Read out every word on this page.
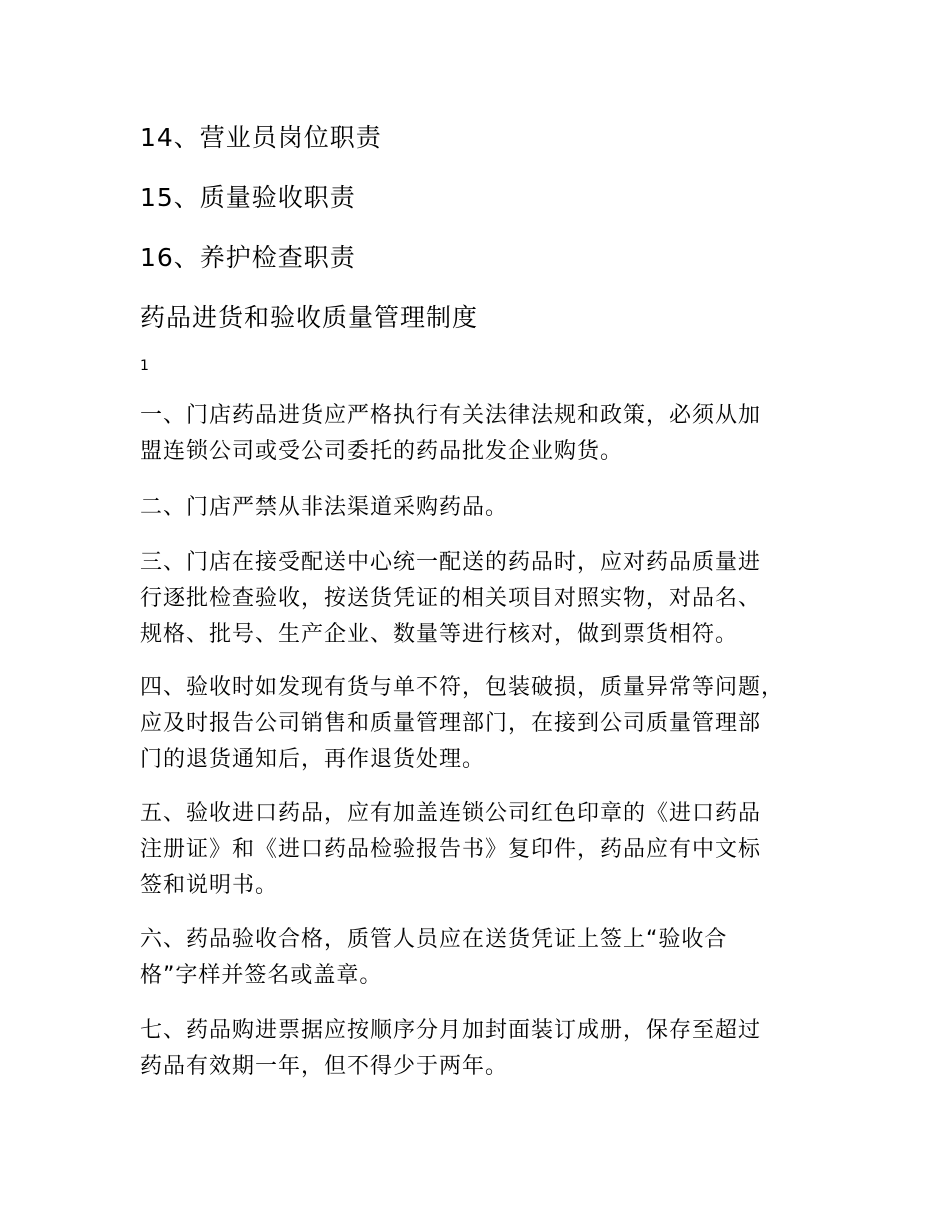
14、营业员岗位职责
15、质量验收职责
16、养护检查职责
药品进货和验收质量管理制度
1
一、门店药品进货应严格执行有关法律法规和政策，必须从加
盟连锁公司或受公司委托的药品批发企业购货。
二、门店严禁从非法渠道采购药品。
三、门店在接受配送中心统一配送的药品时，应对药品质量进
行逐批检查验收，按送货凭证的相关项目对照实物，对品名、
规格、批号、生产企业、数量等进行核对，做到票货相符。
四、验收时如发现有货与单不符，包装破损，质量异常等问题，
应及时报告公司销售和质量管理部门，在接到公司质量管理部
门的退货通知后，再作退货处理。
五、验收进口药品，应有加盖连锁公司红色印章的《进口药品
注册证》和《进口药品检验报告书》复印件，药品应有中文标
签和说明书。
六、药品验收合格，质管人员应在送货凭证上签上“验收合
格”字样并签名或盖章。
七、药品购进票据应按顺序分月加封面装订成册，保存至超过
药品有效期一年，但不得少于两年。
